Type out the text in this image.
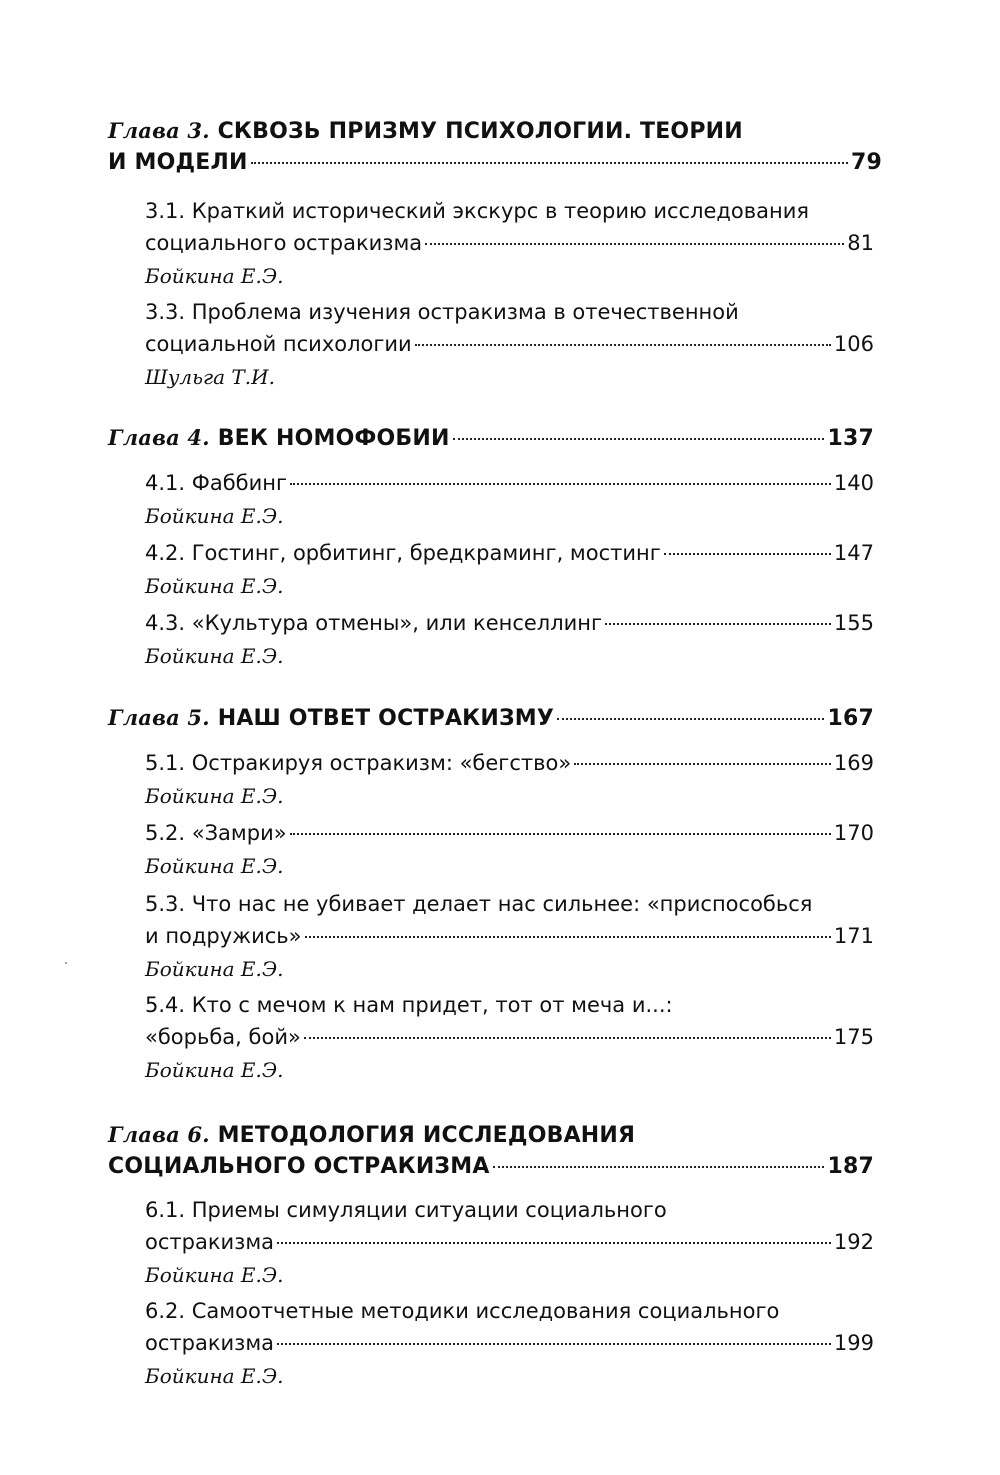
Глава 3. СКВОЗЬ ПРИЗМУ ПСИХОЛОГИИ. ТЕОРИИ
И МОДЕЛИ	79
3.1. Краткий исторический экскурс в теорию исследования
социального остракизма	81
Бойкина Е.Э.
3.3. Проблема изучения остракизма в отечественной
социальной психологии	106
Шульга Т.И.
Глава 4. ВЕК НОМОФОБИИ	137
4.1. Фаббинг	140
Бойкина Е.Э.
4.2. Гостинг, орбитинг, бредкраминг, мостинг	147
Бойкина Е.Э.
4.3. «Культура отмены», или кенселлинг	155
Бойкина Е.Э.
Глава 5. НАШ ОТВЕТ ОСТРАКИЗМУ	167
5.1. Остракируя остракизм: «бегство»	169
Бойкина Е.Э.
5.2. «Замри»	170
Бойкина Е.Э.
5.3. Что нас не убивает делает нас сильнее: «приспособься
и подружись»	171
Бойкина Е.Э.
5.4. Кто с мечом к нам придет, тот от меча и...:
«борьба, бой»	175
Бойкина Е.Э.
Глава 6. МЕТОДОЛОГИЯ ИССЛЕДОВАНИЯ
СОЦИАЛЬНОГО ОСТРАКИЗМА	187
6.1. Приемы симуляции ситуации социального
остракизма	192
Бойкина Е.Э.
6.2. Самоотчетные методики исследования социального
остракизма	199
Бойкина Е.Э.
